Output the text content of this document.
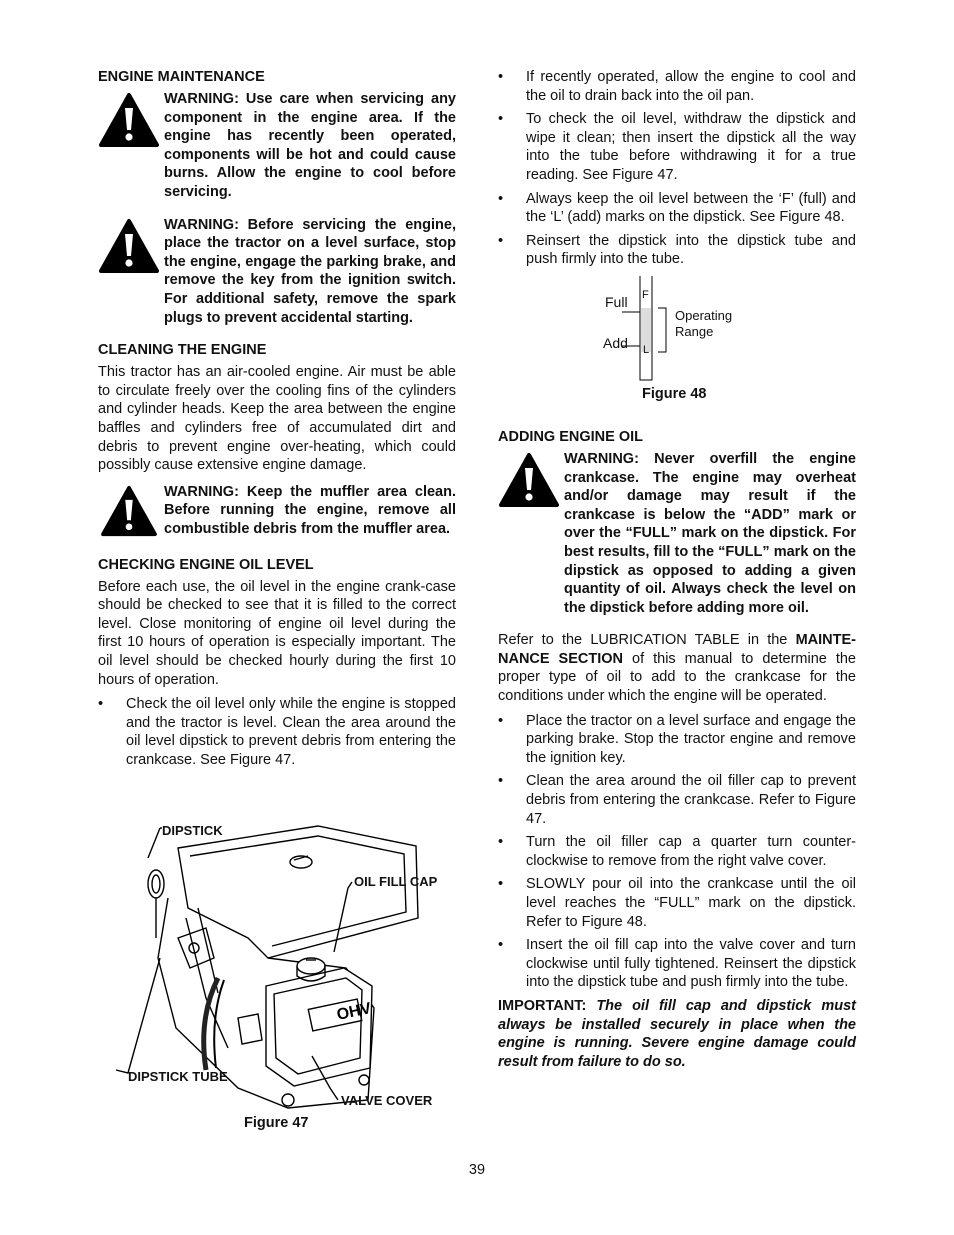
ENGINE MAINTENANCE
WARNING: Use care when servicing any component in the engine area. If the engine has recently been operated, components will be hot and could cause burns. Allow the engine to cool before servicing.
WARNING: Before servicing the engine, place the tractor on a level surface, stop the engine, engage the parking brake, and remove the key from the ignition switch. For additional safety, remove the spark plugs to prevent accidental starting.
CLEANING THE ENGINE

This tractor has an air-cooled engine. Air must be able to circulate freely over the cooling fins of the cylinders and cylinder heads. Keep the area between the engine baffles and cylinders free of accumulated dirt and debris to prevent engine over-heating, which could possibly cause extensive engine damage.

WARNING: Keep the muffler area clean. Before running the engine, remove all combustible debris from the muffler area.
CHECKING ENGINE OIL LEVEL

Before each use, the oil level in the engine crank-case should be checked to see that it is filled to the correct level. Close monitoring of engine oil level during the first 10 hours of operation is especially important. The oil level should be checked hourly during the first 10 hours of operation.

• Check the oil level only while the engine is stopped and the tractor is level. Clean the area around the oil level dipstick to prevent debris from entering the crankcase. See Figure 47.
OHV
DIPSTICK
OIL FILL CAP
DIPSTICK TUBE
VALVE COVER
Figure 47
• If recently operated, allow the engine to cool and the oil to drain back into the oil pan.
• To check the oil level, withdraw the dipstick and wipe it clean; then insert the dipstick all the way into the tube before withdrawing it for a true reading. See Figure 47.
• Always keep the oil level between the ‘F’ (full) and the ‘L’ (add) marks on the dipstick. See Figure 48.
• Reinsert the dipstick into the dipstick tube and push firmly into the tube.
Full
Add
F
L
Operating
Range
Figure 48
ADDING ENGINE OIL
WARNING: Never overfill the engine crankcase. The engine may overheat and/or damage may result if the crankcase is below the “ADD” mark or over the “FULL” mark on the dipstick. For best results, fill to the “FULL” mark on the dipstick as opposed to adding a given quantity of oil. Always check the level on the dipstick before adding more oil.

Refer to the LUBRICATION TABLE in the MAINTE-NANCE SECTION of this manual to determine the proper type of oil to add to the crankcase for the conditions under which the engine will be operated.

• Place the tractor on a level surface and engage the parking brake. Stop the tractor engine and remove the ignition key.
• Clean the area around the oil filler cap to prevent debris from entering the crankcase. Refer to Figure 47.
• Turn the oil filler cap a quarter turn counter-clockwise to remove from the right valve cover.
• SLOWLY pour oil into the crankcase until the oil level reaches the “FULL” mark on the dipstick. Refer to Figure 48.
• Insert the oil fill cap into the valve cover and turn clockwise until fully tightened. Reinsert the dipstick into the dipstick tube and push firmly into the tube.
IMPORTANT: The oil fill cap and dipstick must always be installed securely in place when the engine is running. Severe engine damage could result from failure to do so.
39
